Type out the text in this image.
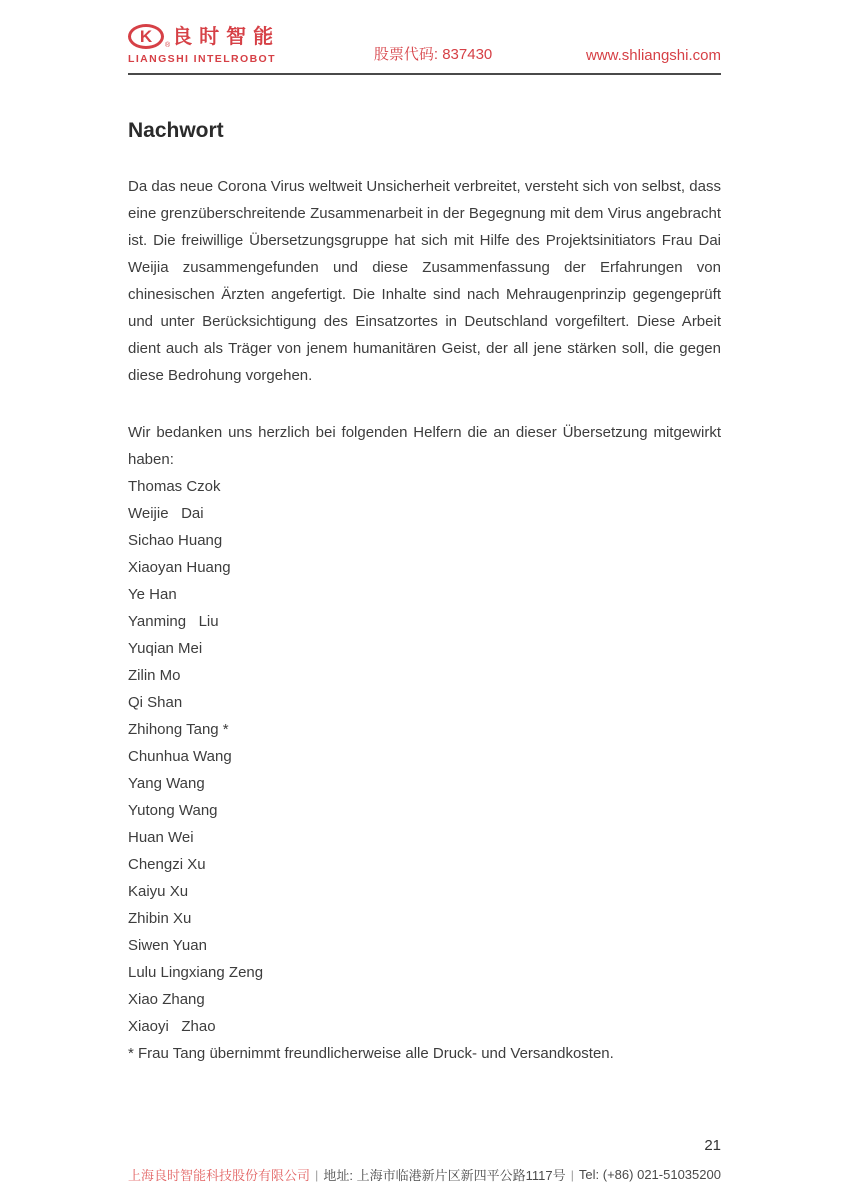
K	® 良时智能
LIANGSHI INTELROBOT	股票代码: 837430	www.shliangshi.com
Nachwort

Da das neue Corona Virus weltweit Unsicherheit verbreitet, versteht sich von selbst, dass eine grenzüberschreitende Zusammenarbeit in der Begegnung mit dem Virus angebracht ist. Die freiwillige Übersetzungsgruppe hat sich mit Hilfe des Projektsinitiators Frau Dai Weijia zusammengefunden und diese Zusammenfassung der Erfahrungen von chinesischen Ärzten angefertigt. Die Inhalte sind nach Mehraugenprinzip gegengeprüft und unter Berücksichtigung des Einsatzortes in Deutschland vorgefiltert. Diese Arbeit dient auch als Träger von jenem humanitären Geist, der all jene stärken soll, die gegen diese Bedrohung vorgehen.

Wir bedanken uns herzlich bei folgenden Helfern die an dieser Übersetzung mitgewirkt haben:

Thomas Czok
Weijie   Dai
Sichao Huang
Xiaoyan Huang
Ye Han
Yanming   Liu
Yuqian Mei
Zilin Mo
Qi Shan
Zhihong Tang *
Chunhua Wang
Yang Wang
Yutong Wang
Huan Wei
Chengzi Xu
Kaiyu Xu
Zhibin Xu
Siwen Yuan
Lulu Lingxiang Zeng
Xiao Zhang
Xiaoyi   Zhao
* Frau Tang übernimmt freundlicherweise alle Druck- und Versandkosten.
21
上海良时智能科技股份有限公司 | 地址: 上海市临港新片区新四平公路1117号 | Tel: (+86) 021-51035200
